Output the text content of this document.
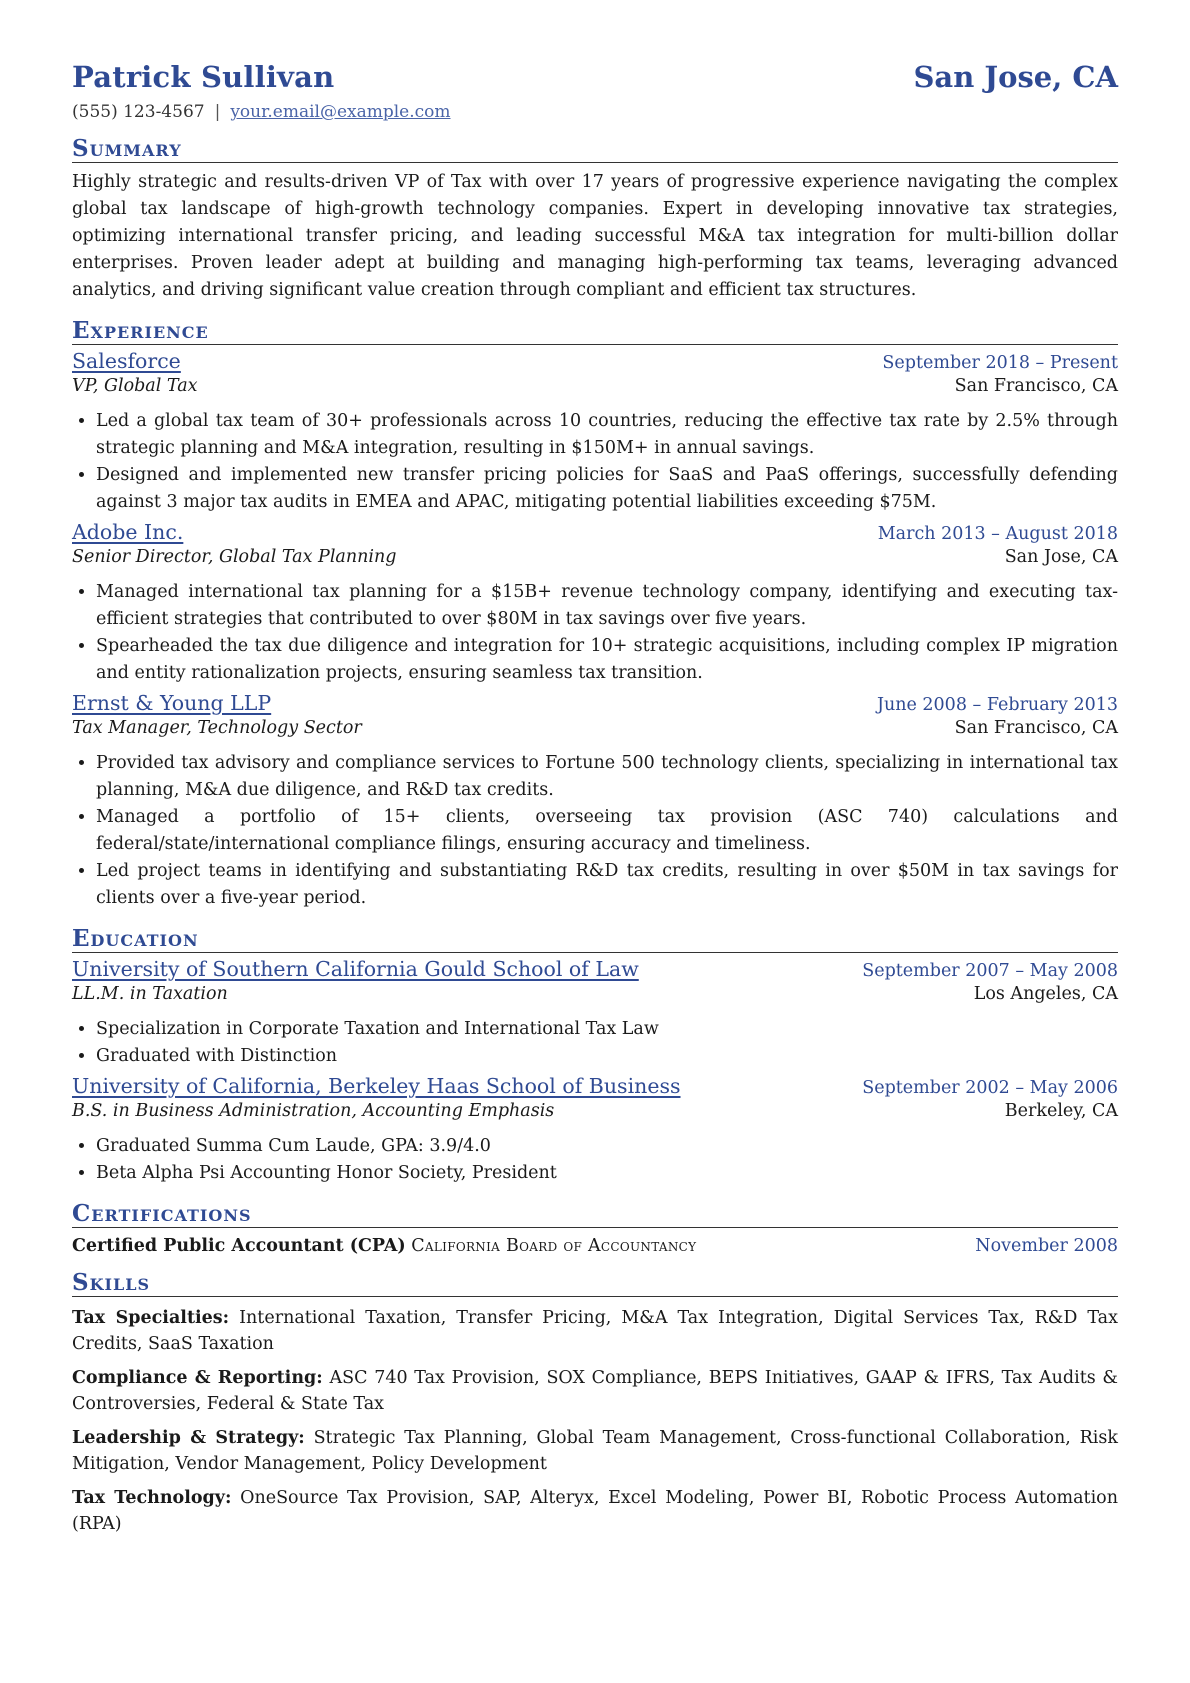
Patrick Sullivan	San Jose, CA
(555) 123-4567 | your.email@example.com
Summary
Highly strategic and results-driven VP of Tax with over 17 years of progressive experience navigating the complex global tax landscape of high-growth technology companies. Expert in developing innovative tax strategies, optimizing international transfer pricing, and leading successful M&A tax integration for multi-billion dollar enterprises. Proven leader adept at building and managing high-performing tax teams, leveraging advanced analytics, and driving significant value creation through compliant and efficient tax structures.
Experience
Salesforce	September 2018 – Present
VP, Global Tax	San Francisco, CA
• Led a global tax team of 30+ professionals across 10 countries, reducing the effective tax rate by 2.5% through strategic planning and M&A integration, resulting in $150M+ in annual savings.
• Designed and implemented new transfer pricing policies for SaaS and PaaS offerings, successfully defending against 3 major tax audits in EMEA and APAC, mitigating potential liabilities exceeding $75M.
Adobe Inc.	March 2013 – August 2018
Senior Director, Global Tax Planning	San Jose, CA
• Managed international tax planning for a $15B+ revenue technology company, identifying and executing tax-efficient strategies that contributed to over $80M in tax savings over five years.
• Spearheaded the tax due diligence and integration for 10+ strategic acquisitions, including complex IP migration and entity rationalization projects, ensuring seamless tax transition.
Ernst & Young LLP	June 2008 – February 2013
Tax Manager, Technology Sector	San Francisco, CA
• Provided tax advisory and compliance services to Fortune 500 technology clients, specializing in international tax planning, M&A due diligence, and R&D tax credits.
• Managed a portfolio of 15+ clients, overseeing tax provision (ASC 740) calculations and federal/state/international compliance filings, ensuring accuracy and timeliness.
• Led project teams in identifying and substantiating R&D tax credits, resulting in over $50M in tax savings for clients over a five-year period.
Education
University of Southern California Gould School of Law	September 2007 – May 2008
LL.M. in Taxation	Los Angeles, CA
• Specialization in Corporate Taxation and International Tax Law
• Graduated with Distinction
University of California, Berkeley Haas School of Business	September 2002 – May 2006
B.S. in Business Administration, Accounting Emphasis	Berkeley, CA
• Graduated Summa Cum Laude, GPA: 3.9/4.0
• Beta Alpha Psi Accounting Honor Society, President
Certifications
Certified Public Accountant (CPA) California Board of Accountancy	November 2008
Skills
Tax Specialties: International Taxation, Transfer Pricing, M&A Tax Integration, Digital Services Tax, R&D Tax Credits, SaaS Taxation
Compliance & Reporting: ASC 740 Tax Provision, SOX Compliance, BEPS Initiatives, GAAP & IFRS, Tax Audits & Controversies, Federal & State Tax
Leadership & Strategy: Strategic Tax Planning, Global Team Management, Cross-functional Collaboration, Risk Mitigation, Vendor Management, Policy Development
Tax Technology: OneSource Tax Provision, SAP, Alteryx, Excel Modeling, Power BI, Robotic Process Automation (RPA)
